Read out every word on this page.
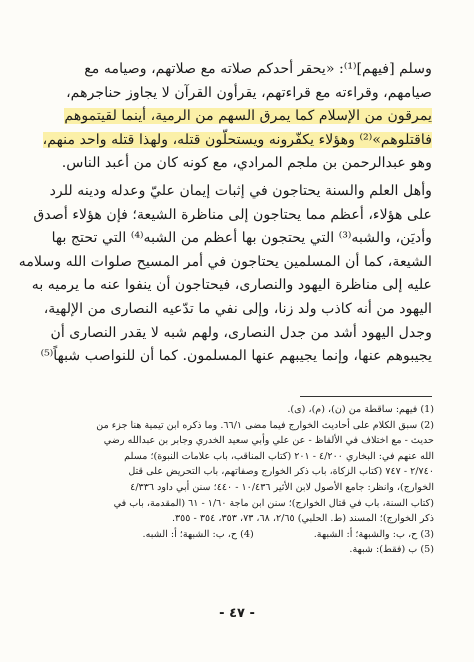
وسلم [فيهم]⁽¹⁾: «يحقر أحدكم صلاته مع صلاتهم، وصيامه مع
صيامهم، وقراءته مع قراءتهم، يقرأون القرآن لا يجاوز حناجرهم،
يمرقون من الإسلام كما يمرق السهم من الرمية، أينما لقيتموهم
فاقتلوهم»⁽²⁾ وهؤلاء يكفّرونه ويستحلّون قتله، ولهذا قتله واحد منهم،
وهو عبدالرحمن بن ملجم المرادي، مع كونه كان من أعبد الناس.
وأهل العلم والسنة يحتاجون في إثبات إيمان عليّ وعدله ودينه للرد
على هؤلاء، أعظم مما يحتاجون إلى مناظرة الشيعة؛ فإن هؤلاء أصدق
وأديَن، والشبه⁽³⁾ التي يحتجون بها أعظم من الشبه⁽⁴⁾ التي تحتج بها
الشيعة، كما أن المسلمين يحتاجون في أمر المسيح صلوات الله وسلامه
عليه إلى مناظرة اليهود والنصارى، فيحتاجون أن ينفوا عنه ما يرميه به
اليهود من أنه كاذب ولد زنا، وإلى نفي ما تدّعيه النصارى من الإلهية،
وجدل اليهود أشد من جدل النصارى، ولهم شبه لا يقدر النصارى أن
يجيبوهم عنها، وإنما يجيبهم عنها المسلمون. كما أن للنواصب شبهاً⁽⁵⁾
(1) فيهم: ساقطة من (ن)، (م)، (ى).
(2) سبق الكلام على أحاديث الخوارج فيما مضى ٦٦/١. وما ذكره ابن تيمية هنا جزء من
حديث - مع اختلاف في الألفاظ - عن علي وأبي سعيد الخدري وجابر بن عبدالله رضي
الله عنهم في: البخاري ٤/٢٠٠ - ٢٠١ (كتاب المناقب، باب علامات النبوة)؛ مسلم
٢/٧٤٠ - ٧٤٧ (كتاب الزكاة، باب ذكر الخوارج وصفاتهم، باب التحريض على قتل
الخوارج)، وانظر: جامع الأصول لابن الأثير ١٠/٤٣٦ - ٤٤٠؛ سنن أبي داود ٤/٣٣٦
(كتاب السنة، باب في قتال الخوارج)؛ سنن ابن ماجة ١/٦٠ - ٦١ (المقدمة، باب في
ذكر الخوارج)؛ المسند (ط. الحلبي) ٢/٦٥، ٦٨، ٧٣، ٣٥٣، ٣٥٤ - ٣٥٥.
(3) ح، ب: والشبهة؛ أ: الشبهة.
(4) ح، ب: الشبهة؛ أ: الشبه.
(5) ب (فقط): شبهة.
- ٤٧ -
